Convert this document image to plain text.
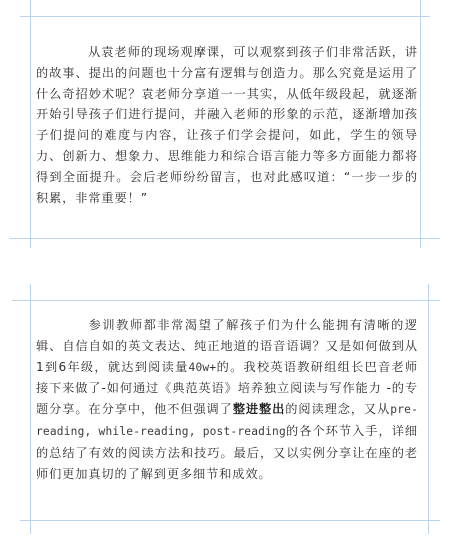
从袁老师的现场观摩课，可以观察到孩子们非常活跃，讲的故事、提出的问题也十分富有逻辑与创造力。那么究竟是运用了什么奇招妙术呢？袁老师分享道一一其实，从低年级段起，就逐渐开始引导孩子们进行提问，并融入老师的形象的示范，逐渐增加孩子们提问的难度与内容，让孩子们学会提问，如此，学生的领导力、创新力、想象力、思维能力和综合语言能力等多方面能力都将得到全面提升。会后老师纷纷留言，也对此感叹道：“一步一步的积累，非常重要！”

参训教师都非常渴望了解孩子们为什么能拥有清晰的逻辑、自信自如的英文表达、纯正地道的语音语调？又是如何做到从1到6年级，就达到阅读量40w+的。我校英语教研组组长巴音老师接下来做了-如何通过《典范英语》培养独立阅读与写作能力 -的专题分享。在分享中，他不但强调了整进整出的阅读理念，又从pre-reading, while-reading, post-reading的各个环节入手，详细的总结了有效的阅读方法和技巧。最后，又以实例分享让在座的老师们更加真切的了解到更多细节和成效。
